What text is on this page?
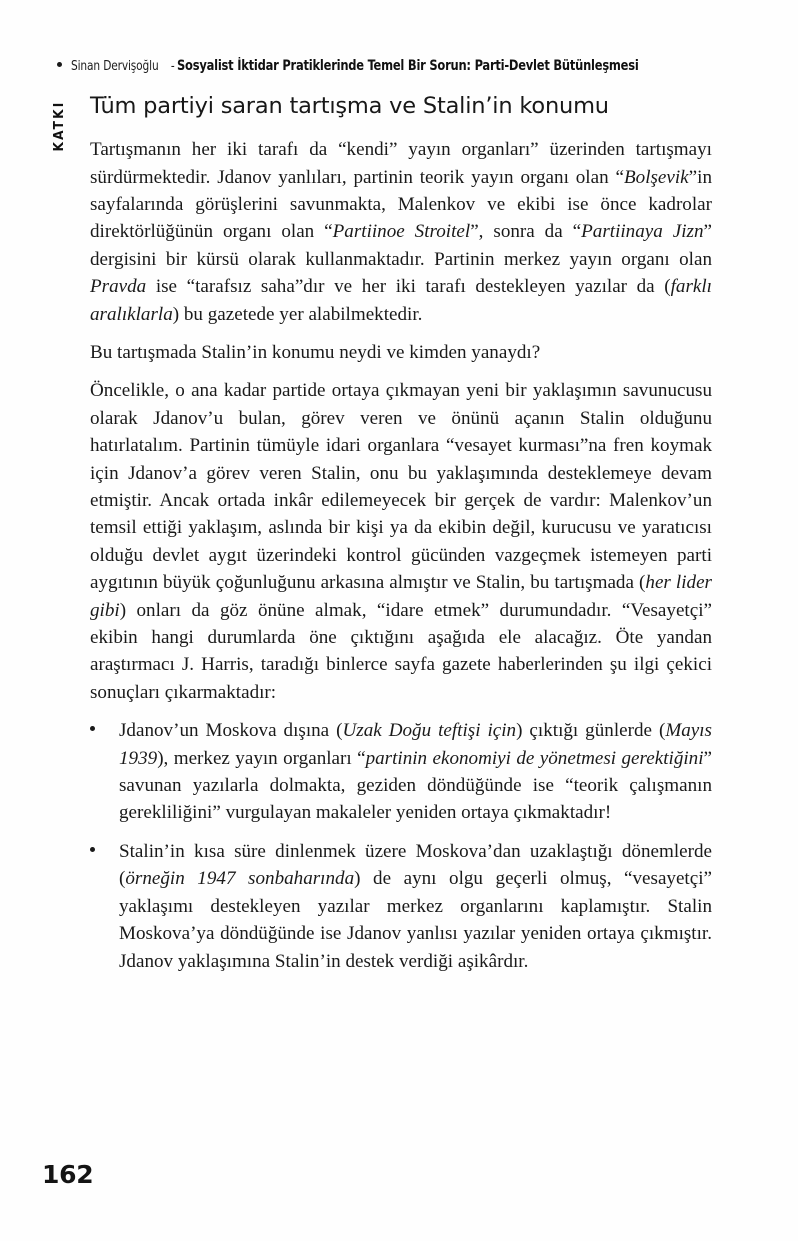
Sinan Dervişoğlu - Sosyalist İktidar Pratiklerinde Temel Bir Sorun: Parti-Devlet Bütünleşmesi
KATKI Tüm partiyi saran tartışma ve Stalin’in konumu

Tartışmanın her iki tarafı da “kendi” yayın organları” üzerinden tartışmayı sürdürmektedir. Jdanov yanlıları, partinin teorik yayın organı olan “Bolşevik”in sayfalarında görüşlerini savunmakta, Malenkov ve ekibi ise önce kadrolar direktörlüğünün organı olan “Partiinoe Stroitel”, sonra da “Partiinaya Jizn” dergisini bir kürsü olarak kullanmaktadır. Partinin merkez yayın organı olan Pravda ise “tarafsız saha”dır ve her iki tarafı destekleyen yazılar da (farklı aralıklarla) bu gazetede yer alabilmektedir.

Bu tartışmada Stalin’in konumu neydi ve kimden yanaydı?

Öncelikle, o ana kadar partide ortaya çıkmayan yeni bir yaklaşımın savunucusu olarak Jdanov’u bulan, görev veren ve önünü açanın Stalin olduğunu hatırlatalım. Partinin tümüyle idari organlara “vesayet kurması”na fren koymak için Jdanov’a görev veren Stalin, onu bu yaklaşımında desteklemeye devam etmiştir. Ancak ortada inkâr edilemeyecek bir gerçek de vardır: Malenkov’un temsil ettiği yaklaşım, aslında bir kişi ya da ekibin değil, kurucusu ve yaratıcısı olduğu devlet aygıt üzerindeki kontrol gücünden vazgeçmek istemeyen parti aygıtının büyük çoğunluğunu arkasına almıştır ve Stalin, bu tartışmada (her lider gibi) onları da göz önüne almak, “idare etmek” durumundadır. “Vesayetçi” ekibin hangi durumlarda öne çıktığını aşağıda ele alacağız. Öte yandan araştırmacı J. Harris, taradığı binlerce sayfa gazete haberlerinden şu ilgi çekici sonuçları çıkarmaktadır:

Jdanov’un Moskova dışına (Uzak Doğu teftişi için) çıktığı günlerde (Mayıs 1939), merkez yayın organları “partinin ekonomiyi de yönetmesi gerektiğini” savunan yazılarla dolmakta, geziden döndüğünde ise “teorik çalışmanın gerekliliğini” vurgulayan makaleler yeniden ortaya çıkmaktadır!

Stalin’in kısa süre dinlenmek üzere Moskova’dan uzaklaştığı dönemlerde (örneğin 1947 sonbaharında) de aynı olgu geçerli olmuş, “vesayetçi” yaklaşımı destekleyen yazılar merkez organlarını kaplamıştır. Stalin Moskova’ya döndüğünde ise Jdanov yanlısı yazılar yeniden ortaya çıkmıştır. Jdanov yaklaşımına Stalin’in destek verdiği aşikârdır.

162
